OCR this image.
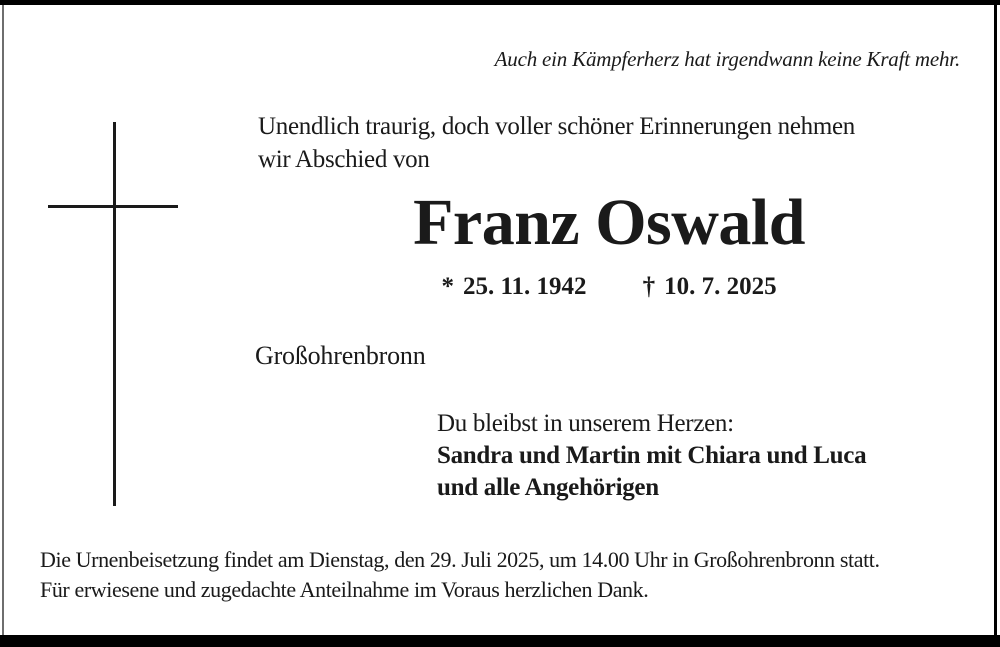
Auch ein Kämpferherz hat irgendwann keine Kraft mehr.
Unendlich traurig, doch voller schöner Erinnerungen nehmen
wir Abschied von
Franz Oswald
* 25. 11. 1942 † 10. 7. 2025
Großohrenbronn
Du bleibst in unserem Herzen:
Sandra und Martin mit Chiara und Luca
und alle Angehörigen
Die Urnenbeisetzung findet am Dienstag, den 29. Juli 2025, um 14.00 Uhr in Großohrenbronn statt.
Für erwiesene und zugedachte Anteilnahme im Voraus herzlichen Dank.
